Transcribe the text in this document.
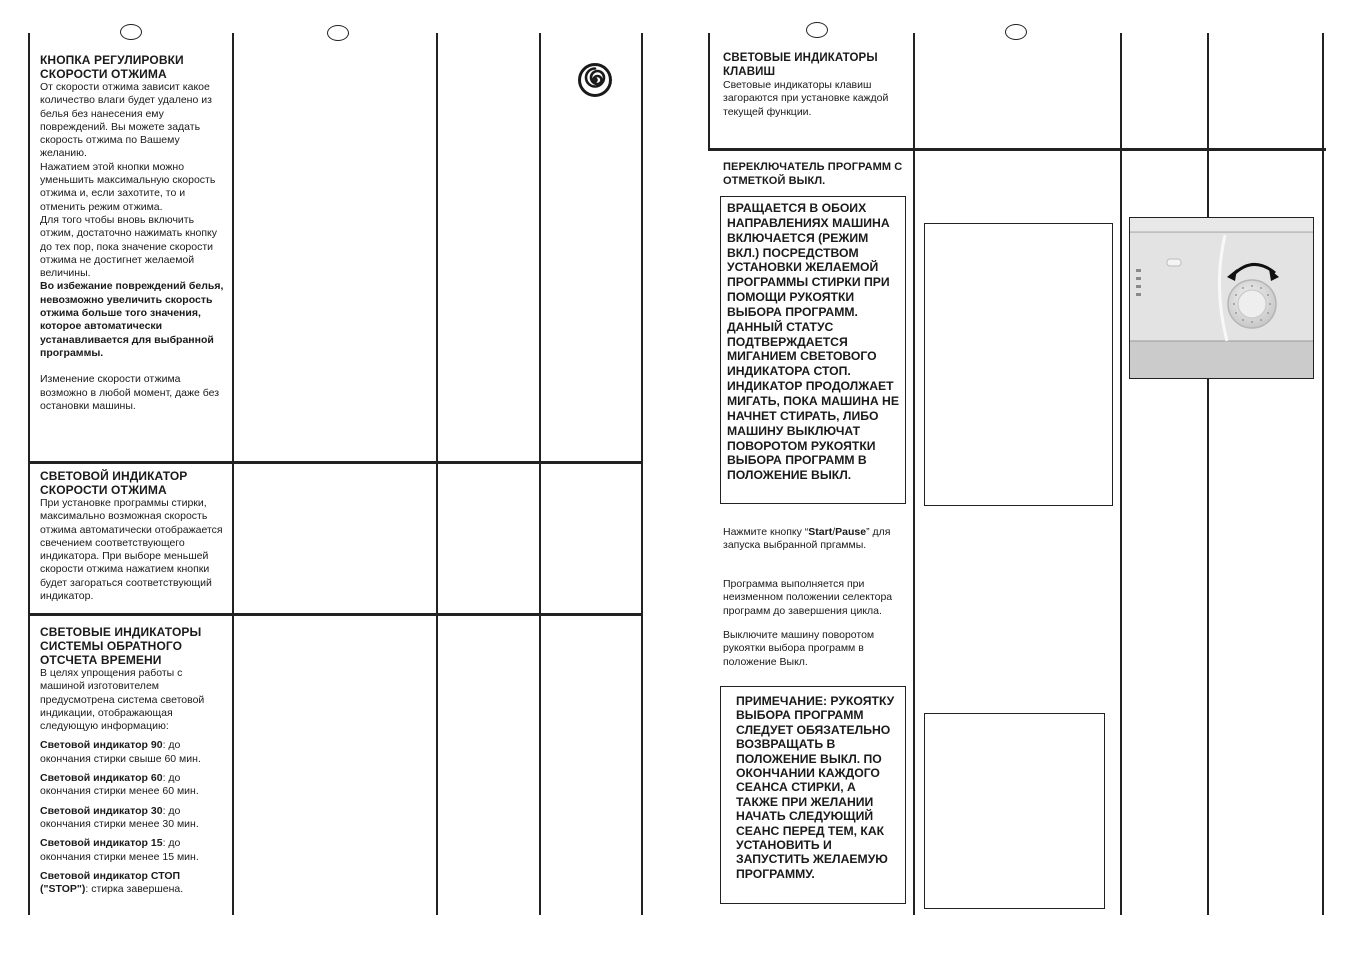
КНОПКА РЕГУЛИРОВКИ СКОРОСТИ ОТЖИМА

От скорости отжима зависит какое количество влаги будет удалено из белья без нанесения ему повреждений. Вы можете задать скорость отжима по Вашему желанию.

Нажатием этой кнопки можно уменьшить максимальную скорость отжима и, если захотите, то и отменить режим отжима.

Для того чтобы вновь включить отжим, достаточно нажимать кнопку до тех пор, пока значение скорости отжима не достигнет желаемой величины.

Во избежание повреждений белья, невозможно увеличить скорость отжима больше того значения, которое автоматически устанавливается для выбранной программы.

Изменение скорости отжима возможно в любой момент, даже без остановки машины.

СВЕТОВОЙ ИНДИКАТОР СКОРОСТИ ОТЖИМА

При установке программы стирки, максимально возможная скорость отжима автоматически отображается свечением соответствующего индикатора. При выборе меньшей скорости отжима нажатием кнопки будет загораться соответствующий индикатор.

СВЕТОВЫЕ ИНДИКАТОРЫ СИСТЕМЫ ОБРАТНОГО ОТСЧЕТА ВРЕМЕНИ

В целях упрощения работы с машиной изготовителем предусмотрена система световой индикации, отображающая следующую информацию:

Световой индикатор 90: до окончания стирки свыше 60 мин.

Световой индикатор 60: до окончания стирки менее 60 мин.

Световой индикатор 30: до окончания стирки менее 30 мин.

Световой индикатор 15: до окончания стирки менее 15 мин.

Световой индикатор СТОП ("STOP"): стирка завершена.

СВЕТОВЫЕ ИНДИКАТОРЫ КЛАВИШ

Световые индикаторы клавиш загораются при установке каждой текущей функции.

ПЕРЕКЛЮЧАТЕЛЬ ПРОГРАММ С ОТМЕТКОЙ ВЫКЛ.

ВРАЩАЕТСЯ В ОБОИХ НАПРАВЛЕНИЯХ МАШИНА ВКЛЮЧАЕТСЯ (РЕЖИМ ВКЛ.) ПОСРЕДСТВОМ УСТАНОВКИ ЖЕЛАЕМОЙ ПРОГРАММЫ СТИРКИ ПРИ ПОМОЩИ РУКОЯТКИ ВЫБОРА ПРОГРАММ. ДАННЫЙ СТАТУС ПОДТВЕРЖДАЕТСЯ МИГАНИЕМ СВЕТОВОГО ИНДИКАТОРА СТОП. ИНДИКАТОР ПРОДОЛЖАЕТ МИГАТЬ, ПОКА МАШИНА НЕ НАЧНЕТ СТИРАТЬ, ЛИБО МАШИНУ ВЫКЛЮЧАТ ПОВОРОТОМ РУКОЯТКИ ВЫБОРА ПРОГРАММ В ПОЛОЖЕНИЕ ВЫКЛ.

Нажмите кнопку “Start/Pause” для запуска выбранной пргаммы.

Программа выполняется при неизменном положении селектора программ до завершения цикла.

Выключите машину поворотом рукоятки выбора программ в положение Выкл.

ПРИМЕЧАНИЕ: РУКОЯТКУ ВЫБОРА ПРОГРАММ СЛЕДУЕТ ОБЯЗАТЕЛЬНО ВОЗВРАЩАТЬ В ПОЛОЖЕНИЕ ВЫКЛ. ПО ОКОНЧАНИИ КАЖДОГО СЕАНСА СТИРКИ, А ТАКЖЕ ПРИ ЖЕЛАНИИ НАЧАТЬ СЛЕДУЮЩИЙ СЕАНС ПЕРЕД ТЕМ, КАК УСТАНОВИТЬ И ЗАПУСТИТЬ ЖЕЛАЕМУЮ ПРОГРАММУ.
